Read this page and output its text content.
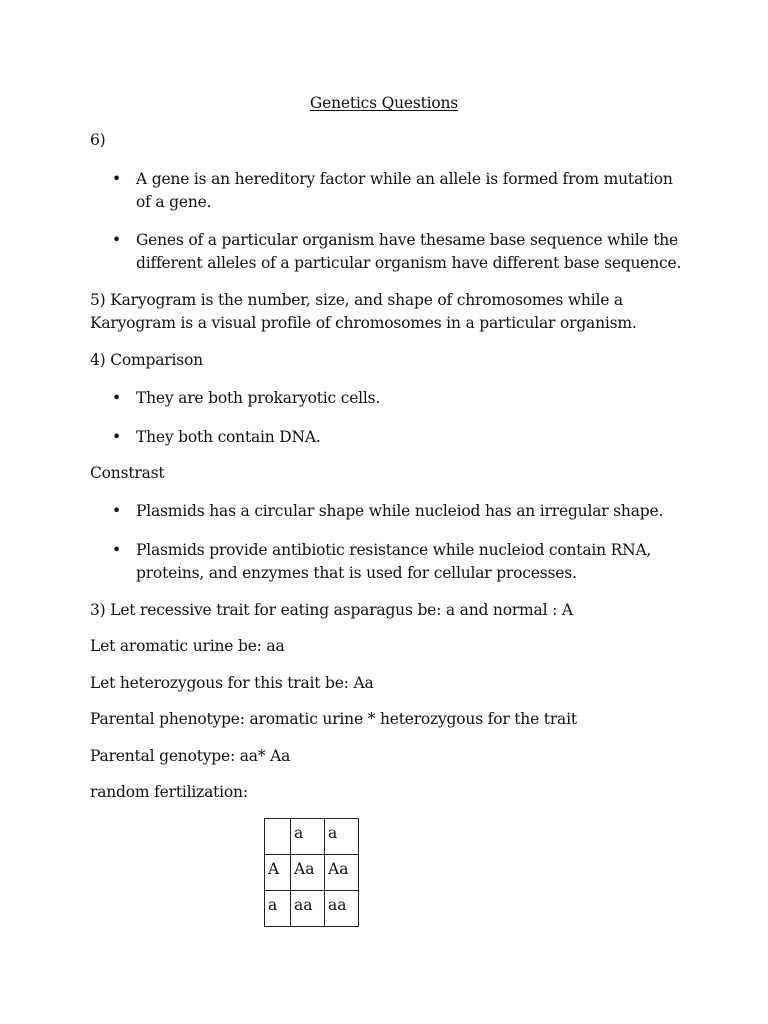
Genetics Questions
6)
• A gene is an hereditory factor while an allele is formed from mutation
of a gene.
• Genes of a particular organism have thesame base sequence while the
different alleles of a particular organism have different base sequence.
5) Karyogram is the number, size, and shape of chromosomes while a
Karyogram is a visual profile of chromosomes in a particular organism.
4) Comparison
• They are both prokaryotic cells.
• They both contain DNA.
Constrast
• Plasmids has a circular shape while nucleiod has an irregular shape.
• Plasmids provide antibiotic resistance while nucleiod contain RNA,
proteins, and enzymes that is used for cellular processes.
3) Let recessive trait for eating asparagus be: a and normal : A
Let aromatic urine be: aa
Let heterozygous for this trait be: Aa
Parental phenotype: aromatic urine * heterozygous for the trait
Parental genotype: aa* Aa
random fertilization:
	a	a
A	Aa	Aa
a	aa	aa
